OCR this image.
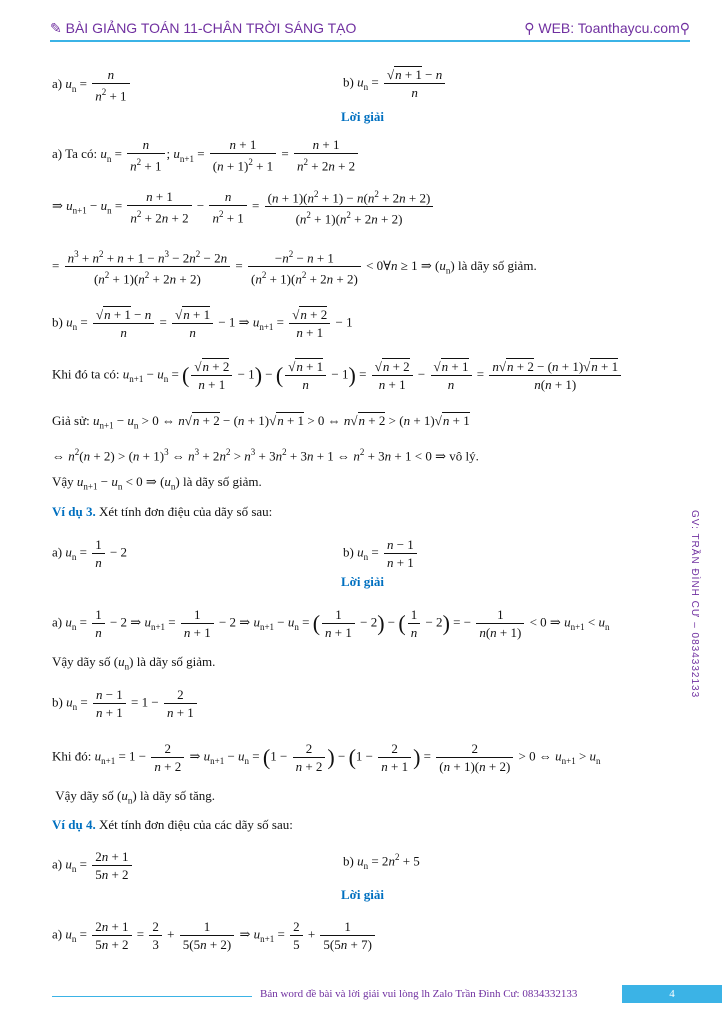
✎ BÀI GIẢNG TOÁN 11-CHÂN TRỜI SÁNG TẠO	⚲ WEB: Toanthaycu.com⚲
GV: TRẦN ĐÌNH CƯ – 0834332133
a) $u_n = \frac{n}{n^2 + 1}$	b) $u_n = \frac{√n + 1 - n}{n}$
Lời giải
a) Ta có: $u_n = \frac{n}{n^2 + 1}$ ; $u_{n+1} = \frac{n + 1}{(n + 1)^2 + 1} = \frac{n + 1}{n^2 + 2n + 2}$
⇒ $u_{n+1} - u_n = \frac{n + 1}{n^2 + 2n + 2} - \frac{n}{n^2 + 1} = \frac{(n + 1)(n^2 + 1) - n(n^2 + 2n + 2)}{(n^2 + 1)(n^2 + 2n + 2)}$
= $\frac{n^3 + n^2 + n + 1 - n^3 - 2n^2 - 2n}{(n^2 + 1)(n^2 + 2n + 2)} = \frac{-n^2 - n + 1}{(n^2 + 1)(n^2 + 2n + 2)}$ < 0∀n ≥ 1 ⇒ $(u_n)$ là dãy số giảm.
b) $u_n = \frac{√n + 1 - n}{n} = \frac{√n + 1}{n} - 1$ ⇒ $u_{n+1} = \frac{√n + 2}{n + 1} - 1$
Khi đó ta có: $u_{n+1} - u_n$ = ( $\frac{√n + 2}{n + 1} - 1$) − ( $\frac{√n + 1}{n} - 1) = \frac{√n + 2}{n + 1} - \frac{√n + 1}{n} = \frac{n√n + 2 - (n + 1)√n + 1}{n(n + 1)}$
Giả sử: $u_{n+1} - u_n > 0$ ⇔ n√n + 2 − (n + 1)√n + 1 > 0 ⇔ n√n + 2 > (n + 1)√n + 1
⇔ $n^2(n + 2) > (n + 1)^3$ ⇔ $n^3 + 2n^2 > n^3 + 3n^2 + 3n + 1$ ⇔ $n^2 + 3n + 1 < 0$ ⇒ vô lý.
Vậy $u_{n+1} - u_n < 0$ ⇒ $(u_n)$ là dãy số giảm.
Ví dụ 3. Xét tính đơn điệu của dãy số sau:
a) $u_n = \frac{1}{n} - 2$	b) $u_n = \frac{n - 1}{n + 1}$
Lời giải
a) $u_n = \frac{1}{n} - 2$ ⇒ $u_{n+1} = \frac{1}{n + 1} - 2$ ⇒ $u_{n+1} - u_n$ = ( $\frac{1}{n + 1} - 2$) − ( $\frac{1}{n} - 2$) = − $\frac{1}{n(n + 1)} < 0$ ⇒ $u_{n+1} < u_n$
Vậy dãy số $(u_n)$ là dãy số giảm.
b) $u_n = \frac{n - 1}{n + 1} = 1 - \frac{2}{n + 1}$
Khi đó: $u_{n+1} = 1 - \frac{2}{n + 2}$ ⇒ $u_{n+1} - u_n = (1 - \frac{2}{n + 2}$ ) − ($1 - \frac{2}{n + 1}$ ) = $\frac{2}{(n + 1)(n + 2)} > 0$ ⇔ $u_{n+1} > u_n$
Vậy dãy số $(u_n)$ là dãy số tăng.
Ví dụ 4. Xét tính đơn điệu của các dãy số sau:
a) $u_n = \frac{2n + 1}{5n + 2}$	b) $u_n = 2n^2 + 5$
Lời giải
a) $u_n = \frac{2n + 1}{5n + 2} = \frac{2}{3} + \frac{1}{5(5n + 2)}$ ⇒ $u_{n+1} = \frac{2}{5} + \frac{1}{5(5n + 7)}$
Bản word đề bài và lời giải vui lòng lh Zalo Trần Đình Cư: 0834332133	4
